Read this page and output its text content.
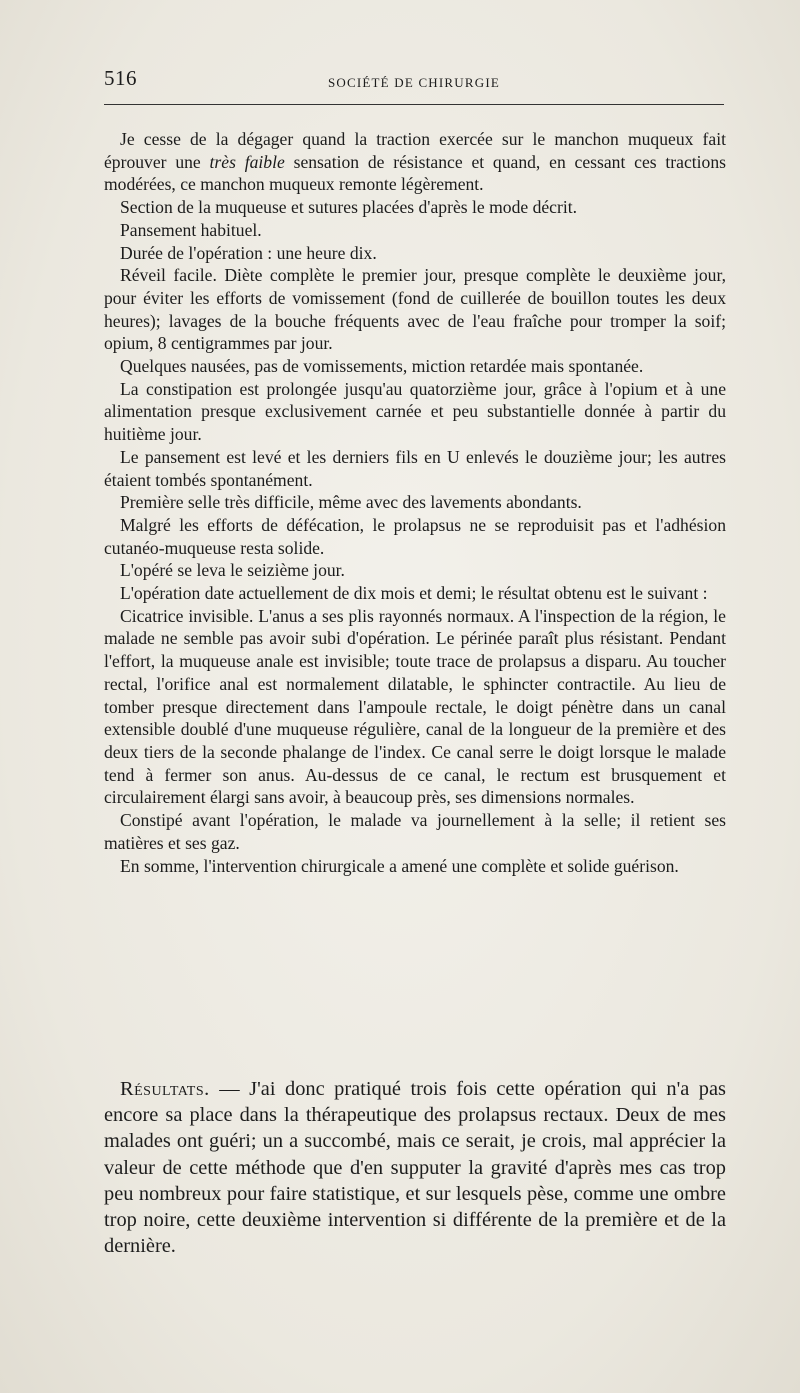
516	SOCIÉTÉ DE CHIRURGIE

Je cesse de la dégager quand la traction exercée sur le manchon muqueux fait éprouver une très faible sensation de résistance et quand, en cessant ces tractions modérées, ce manchon muqueux remonte légèrement.

Section de la muqueuse et sutures placées d'après le mode décrit.

Pansement habituel.

Durée de l'opération : une heure dix.

Réveil facile. Diète complète le premier jour, presque complète le deuxième jour, pour éviter les efforts de vomissement (fond de cuillerée de bouillon toutes les deux heures); lavages de la bouche fréquents avec de l'eau fraîche pour tromper la soif; opium, 8 centigrammes par jour.

Quelques nausées, pas de vomissements, miction retardée mais spontanée.

La constipation est prolongée jusqu'au quatorzième jour, grâce à l'opium et à une alimentation presque exclusivement carnée et peu substantielle donnée à partir du huitième jour.

Le pansement est levé et les derniers fils en U enlevés le douzième jour; les autres étaient tombés spontanément.

Première selle très difficile, même avec des lavements abondants.

Malgré les efforts de défécation, le prolapsus ne se reproduisit pas et l'adhésion cutanéo-muqueuse resta solide.

L'opéré se leva le seizième jour.

L'opération date actuellement de dix mois et demi; le résultat obtenu est le suivant :

Cicatrice invisible. L'anus a ses plis rayonnés normaux. A l'inspection de la région, le malade ne semble pas avoir subi d'opération. Le périnée paraît plus résistant. Pendant l'effort, la muqueuse anale est invisible; toute trace de prolapsus a disparu. Au toucher rectal, l'orifice anal est normalement dilatable, le sphincter contractile. Au lieu de tomber presque directement dans l'ampoule rectale, le doigt pénètre dans un canal extensible doublé d'une muqueuse régulière, canal de la longueur de la première et des deux tiers de la seconde phalange de l'index. Ce canal serre le doigt lorsque le malade tend à fermer son anus. Au-dessus de ce canal, le rectum est brusquement et circulairement élargi sans avoir, à beaucoup près, ses dimensions normales.

Constipé avant l'opération, le malade va journellement à la selle; il retient ses matières et ses gaz.

En somme, l'intervention chirurgicale a amené une complète et solide guérison.

Résultats. — J'ai donc pratiqué trois fois cette opération qui n'a pas encore sa place dans la thérapeutique des prolapsus rectaux. Deux de mes malades ont guéri; un a succombé, mais ce serait, je crois, mal apprécier la valeur de cette méthode que d'en supputer la gravité d'après mes cas trop peu nombreux pour faire statistique, et sur lesquels pèse, comme une ombre trop noire, cette deuxième intervention si différente de la première et de la dernière.
